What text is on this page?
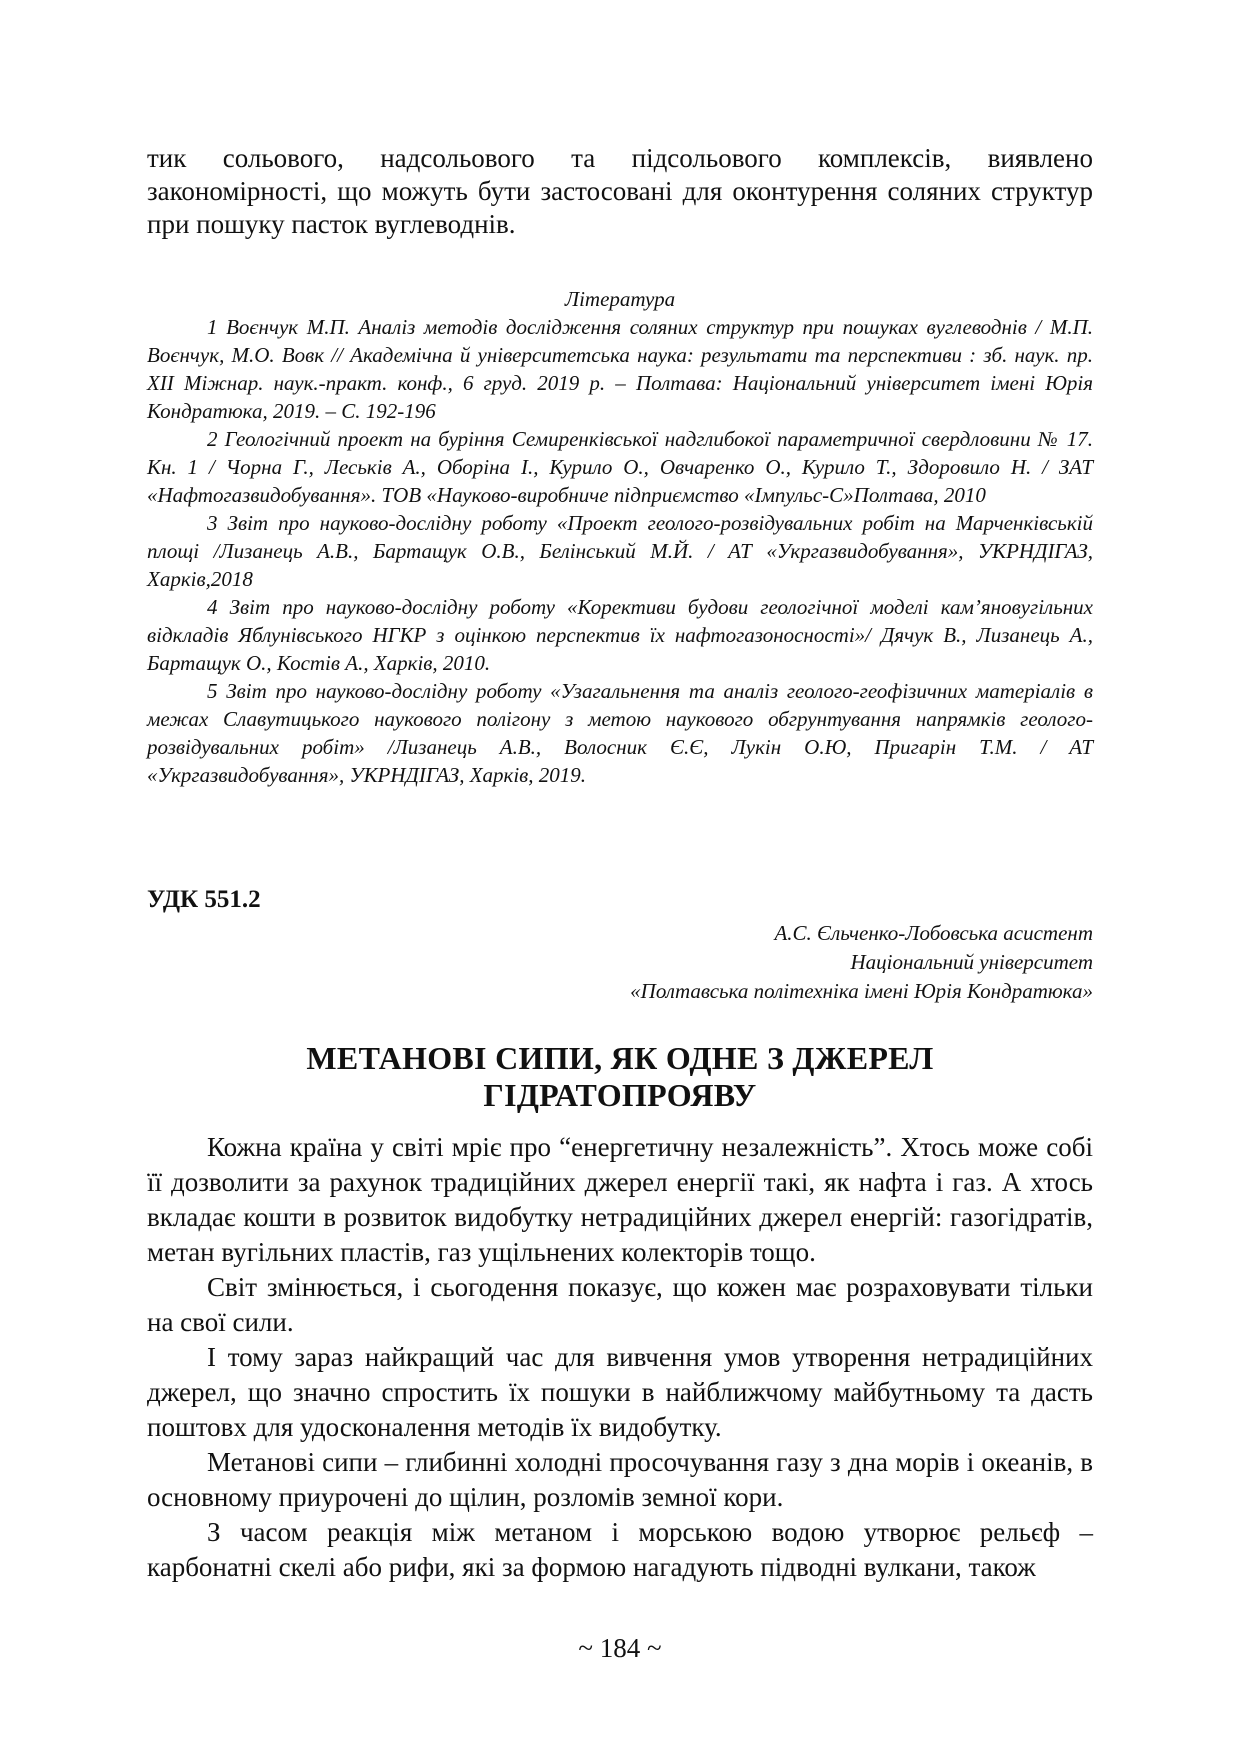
тик сольового, надсольового та підсольового комплексів, виявлено закономірності, що можуть бути застосовані для оконтурення соляних структур при пошуку пасток вуглеводнів.

Література

1 Воєнчук М.П. Аналіз методів дослідження соляних структур при пошуках вуглеводнів / М.П. Воєнчук, М.О. Вовк // Академічна й університетська наука: результати та перспективи : зб. наук. пр. XII Міжнар. наук.-практ. конф., 6 груд. 2019 р. – Полтава: Національний університет імені Юрія Кондратюка, 2019. – С. 192-196

2 Геологічний проект на буріння Семиренківської надглибокої параметричної свердловини № 17. Кн. 1 / Чорна Г., Леськів А., Оборіна І., Курило О., Овчаренко О., Курило Т., Здоровило Н. / ЗАТ «Нафтогазвидобування». ТОВ «Науково-виробниче підприємство «Імпульс-С»Полтава, 2010

3 Звіт про науково-дослідну роботу «Проект геолого-розвідувальних робіт на Марченківській площі /Лизанець А.В., Бартащук О.В., Белінський М.Й. / АТ «Укргазвидобування», УКРНДІГАЗ, Харків,2018

4 Звіт про науково-дослідну роботу «Корективи будови геологічної моделі кам’яновугільних відкладів Яблунівського НГКР з оцінкою перспектив їх нафтогазоносності»/ Дячук В., Лизанець А., Бартащук О., Костів А., Харків, 2010.

5 Звіт про науково-дослідну роботу «Узагальнення та аналіз геолого-геофізичних матеріалів в межах Славутицького наукового полігону з метою наукового обгрунтування напрямків геолого-розвідувальних робіт» /Лизанець А.В., Волосник Є.Є, Лукін О.Ю, Пригарін Т.М. / АТ «Укргазвидобування», УКРНДІГАЗ, Харків, 2019.

УДК 551.2
А.С. Єльченко-Лобовська асистент
Національний університет
«Полтавська політехніка імені Юрія Кондратюка»
МЕТАНОВІ СИПИ, ЯК ОДНЕ З ДЖЕРЕЛ
ГІДРАТОПРОЯВУ

Кожна країна у світі мріє про “енергетичну незалежність”. Хтось може собі її дозволити за рахунок традиційних джерел енергії такі, як нафта і газ. А хтось вкладає кошти в розвиток видобутку нетрадиційних джерел енергій: газогідратів, метан вугільних пластів, газ ущільнених колекторів тощо.

Світ змінюється, і сьогодення показує, що кожен має розраховувати тільки на свої сили.

І тому зараз найкращий час для вивчення умов утворення нетрадиційних джерел, що значно спростить їх пошуки в найближчому майбутньому та дасть поштовх для удосконалення методів їх видобутку.

Метанові сипи – глибинні холодні просочування газу з дна морів і океанів, в основному приурочені до щілин, розломів земної кори.

З часом реакція між метаном і морською водою утворює рельєф – карбонатні скелі або рифи, які за формою нагадують підводні вулкани, також

~ 184 ~
